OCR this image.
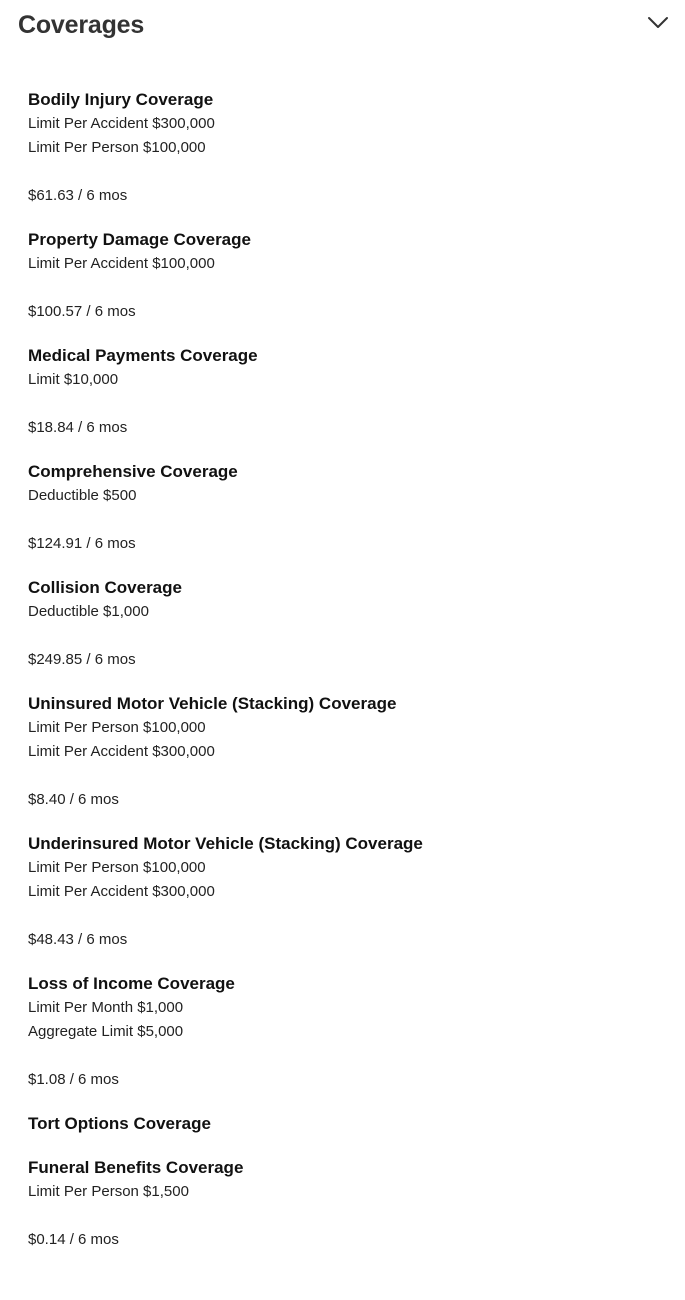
Coverages
Bodily Injury Coverage
Limit Per Accident $300,000
Limit Per Person $100,000
$61.63 / 6 mos
Property Damage Coverage
Limit Per Accident $100,000
$100.57 / 6 mos
Medical Payments Coverage
Limit $10,000
$18.84 / 6 mos
Comprehensive Coverage
Deductible $500
$124.91 / 6 mos
Collision Coverage
Deductible $1,000
$249.85 / 6 mos
Uninsured Motor Vehicle (Stacking) Coverage
Limit Per Person $100,000
Limit Per Accident $300,000
$8.40 / 6 mos
Underinsured Motor Vehicle (Stacking) Coverage
Limit Per Person $100,000
Limit Per Accident $300,000
$48.43 / 6 mos
Loss of Income Coverage
Limit Per Month $1,000
Aggregate Limit $5,000
$1.08 / 6 mos
Tort Options Coverage
Funeral Benefits Coverage
Limit Per Person $1,500
$0.14 / 6 mos
